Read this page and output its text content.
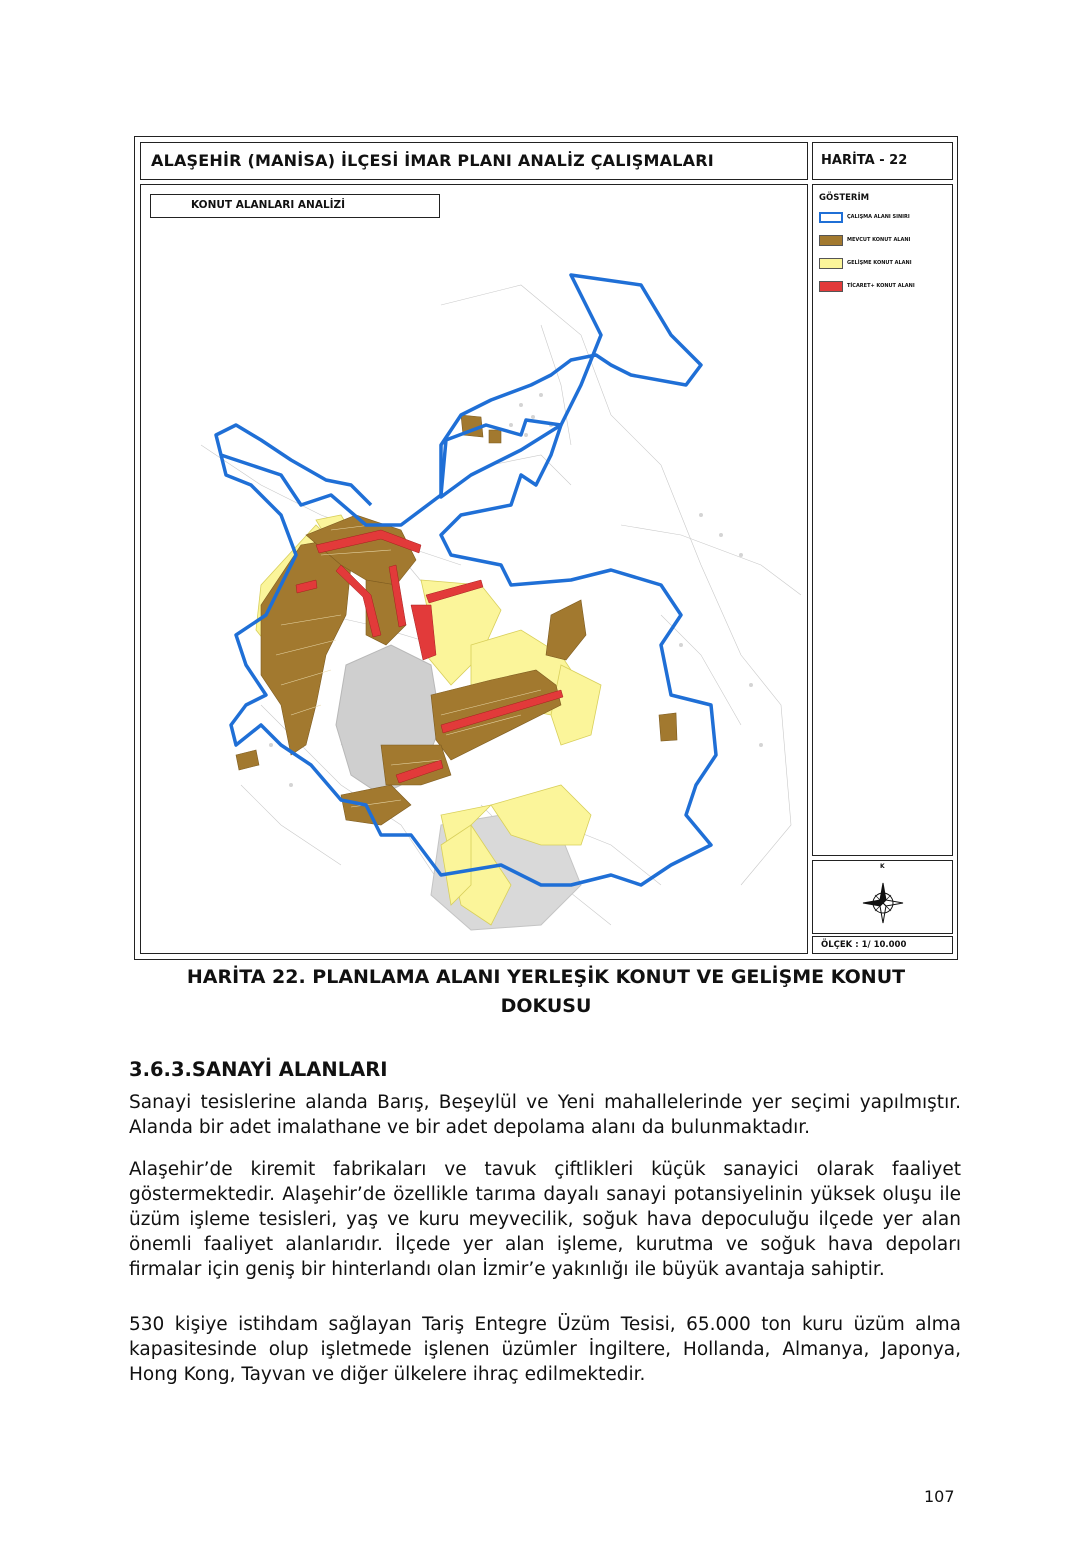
ALAŞEHİR (MANİSA) İLÇESİ İMAR PLANI ANALİZ ÇALIŞMALARI	HARİTA - 22
KONUT ALANLARI ANALİZİ
GÖSTERİM
ÇALIŞMA ALANI SINIRI
MEVCUT KONUT ALANI
GELİŞME KONUT ALANI
TİCARET+ KONUT ALANI
K
ÖLÇEK : 1/ 10.000
HARİTA 22. PLANLAMA ALANI YERLEŞİK KONUT VE GELİŞME KONUT
DOKUSU
3.6.3.SANAYİ ALANLARI

Sanayi tesislerine alanda Barış, Beşeylül ve Yeni mahallelerinde yer seçimi yapılmıştır. Alanda bir adet imalathane ve bir adet depolama alanı da bulunmaktadır.

Alaşehir’de kiremit fabrikaları ve tavuk çiftlikleri küçük sanayici olarak faaliyet göstermektedir. Alaşehir’de özellikle tarıma dayalı sanayi potansiyelinin yüksek oluşu ile üzüm işleme tesisleri, yaş ve kuru meyvecilik, soğuk hava depoculuğu ilçede yer alan önemli faaliyet alanlarıdır. İlçede yer alan işleme, kurutma ve soğuk hava depoları firmalar için geniş bir hinterlandı olan İzmir’e yakınlığı ile büyük avantaja sahiptir.

530 kişiye istihdam sağlayan Tariş Entegre Üzüm Tesisi, 65.000 ton kuru üzüm alma kapasitesinde olup işletmede işlenen üzümler İngiltere, Hollanda, Almanya, Japonya, Hong Kong, Tayvan ve diğer ülkelere ihraç edilmektedir.

107
